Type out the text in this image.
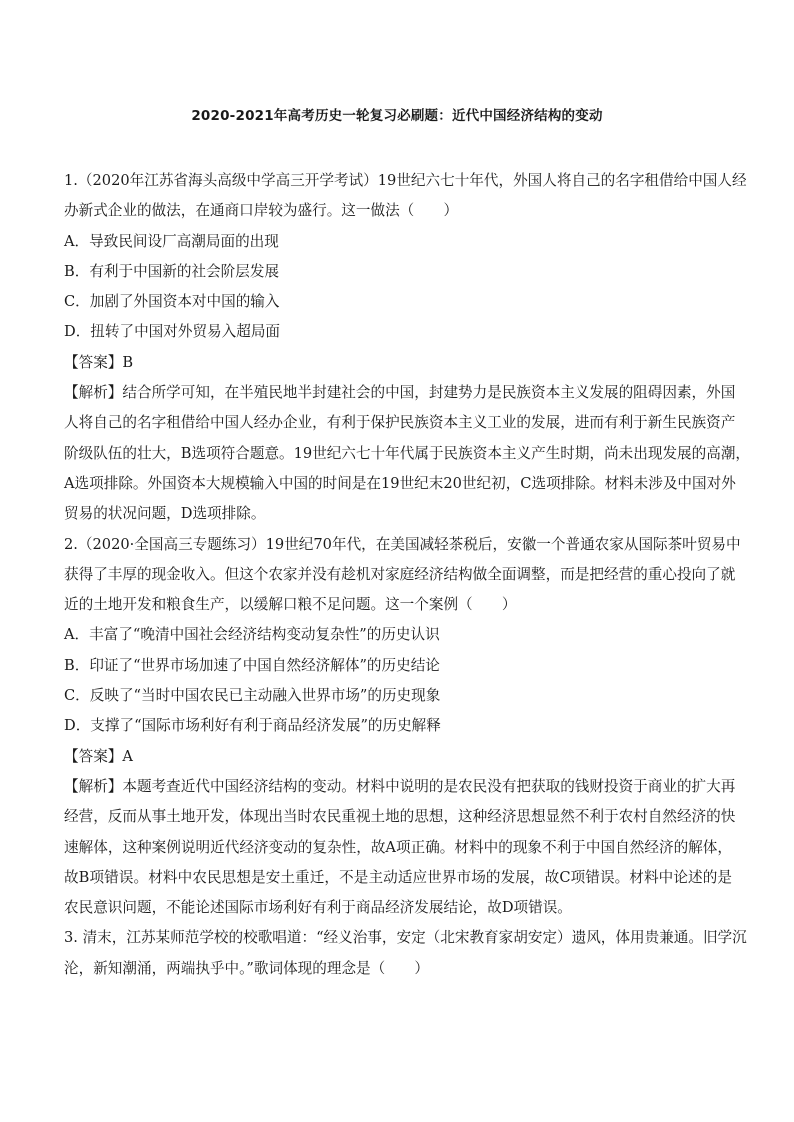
2020-2021年高考历史一轮复习必刷题：近代中国经济结构的变动
1.（2020年江苏省海头高级中学高三开学考试）19世纪六七十年代，外国人将自己的名字租借给中国人经
办新式企业的做法，在通商口岸较为盛行。这一做法（　　）
A．导致民间设厂高潮局面的出现
B．有利于中国新的社会阶层发展
C．加剧了外国资本对中国的输入
D．扭转了中国对外贸易入超局面
【答案】B
【解析】结合所学可知，在半殖民地半封建社会的中国，封建势力是民族资本主义发展的阻碍因素，外国
人将自己的名字租借给中国人经办企业，有利于保护民族资本主义工业的发展，进而有利于新生民族资产
阶级队伍的壮大，B选项符合题意。19世纪六七十年代属于民族资本主义产生时期，尚未出现发展的高潮，
A选项排除。外国资本大规模输入中国的时间是在19世纪末20世纪初，C选项排除。材料未涉及中国对外
贸易的状况问题，D选项排除。
2.（2020·全国高三专题练习）19世纪70年代，在美国减轻茶税后，安徽一个普通农家从国际茶叶贸易中
获得了丰厚的现金收入。但这个农家并没有趁机对家庭经济结构做全面调整，而是把经营的重心投向了就
近的土地开发和粮食生产，以缓解口粮不足问题。这一个案例（　　）
A．丰富了“晚清中国社会经济结构变动复杂性”的历史认识
B．印证了“世界市场加速了中国自然经济解体”的历史结论
C．反映了“当时中国农民已主动融入世界市场”的历史现象
D．支撑了“国际市场利好有利于商品经济发展”的历史解释
【答案】A
【解析】本题考查近代中国经济结构的变动。材料中说明的是农民没有把获取的钱财投资于商业的扩大再
经营，反而从事土地开发，体现出当时农民重视土地的思想，这种经济思想显然不利于农村自然经济的快
速解体，这种案例说明近代经济变动的复杂性，故A项正确。材料中的现象不利于中国自然经济的解体，
故B项错误。材料中农民思想是安土重迁，不是主动适应世界市场的发展，故C项错误。材料中论述的是
农民意识问题，不能论述国际市场利好有利于商品经济发展结论，故D项错误。
3. 清末，江苏某师范学校的校歌唱道：“经义治事，安定（北宋教育家胡安定）遗风，体用贵兼通。旧学沉
沦，新知潮涌，两端执乎中。”歌词体现的理念是（　　）
